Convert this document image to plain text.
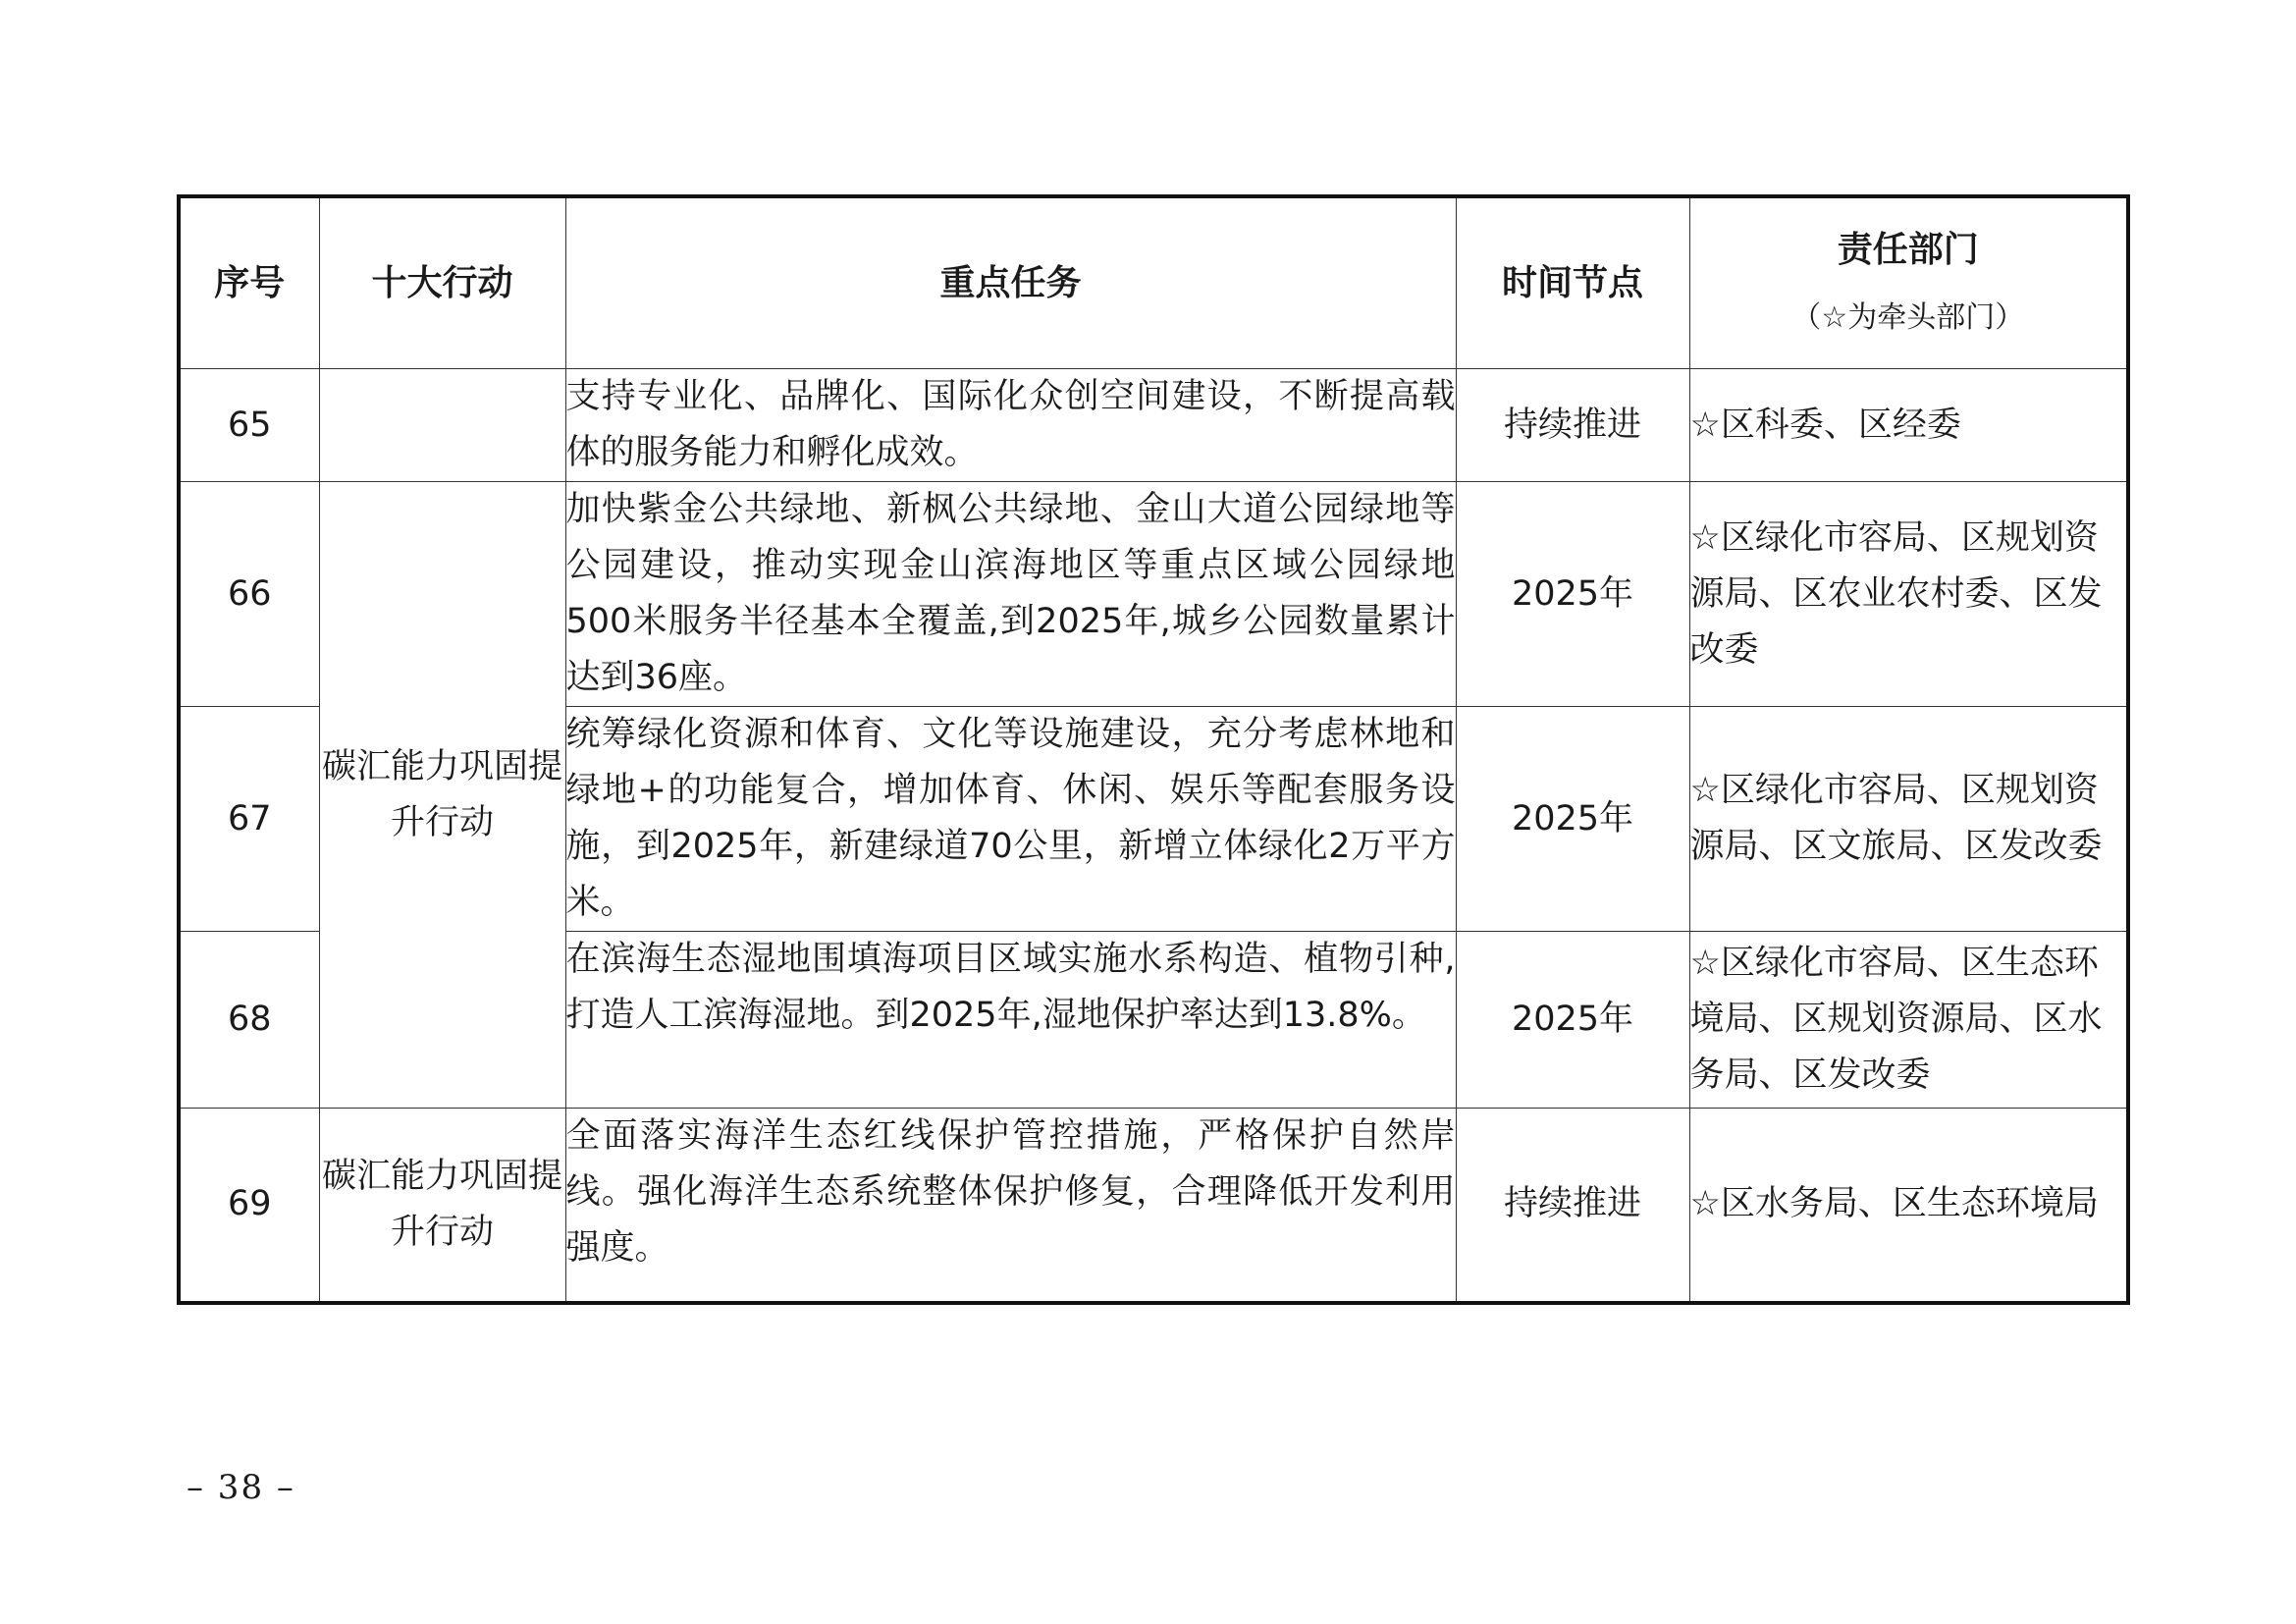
序号	十大行动	重点任务	时间节点	责任部门
（☆为牵头部门）

65		支持专业化、品牌化、国际化众创空间建设，不断提高载体的服务能力和孵化成效。	持续推进	☆区科委、区经委
66	碳汇能力巩固提升行动	加快紫金公共绿地、新枫公共绿地、金山大道公园绿地等公园建设，推动实现金山滨海地区等重点区域公园绿地500米服务半径基本全覆盖,到2025年,城乡公园数量累计达到36座。	2025年	☆区绿化市容局、区规划资源局、区农业农村委、区发改委
67		统筹绿化资源和体育、文化等设施建设，充分考虑林地和绿地+的功能复合，增加体育、休闲、娱乐等配套服务设施，到2025年，新建绿道70公里，新增立体绿化2万平方米。	2025年	☆区绿化市容局、区规划资源局、区文旅局、区发改委
68		在滨海生态湿地围填海项目区域实施水系构造、植物引种,打造人工滨海湿地。到2025年,湿地保护率达到13.8%。	2025年	☆区绿化市容局、区生态环境局、区规划资源局、区水务局、区发改委
69	碳汇能力巩固提升行动	全面落实海洋生态红线保护管控措施，严格保护自然岸线。强化海洋生态系统整体保护修复，合理降低开发利用强度。	持续推进	☆区水务局、区生态环境局
– 38 –
